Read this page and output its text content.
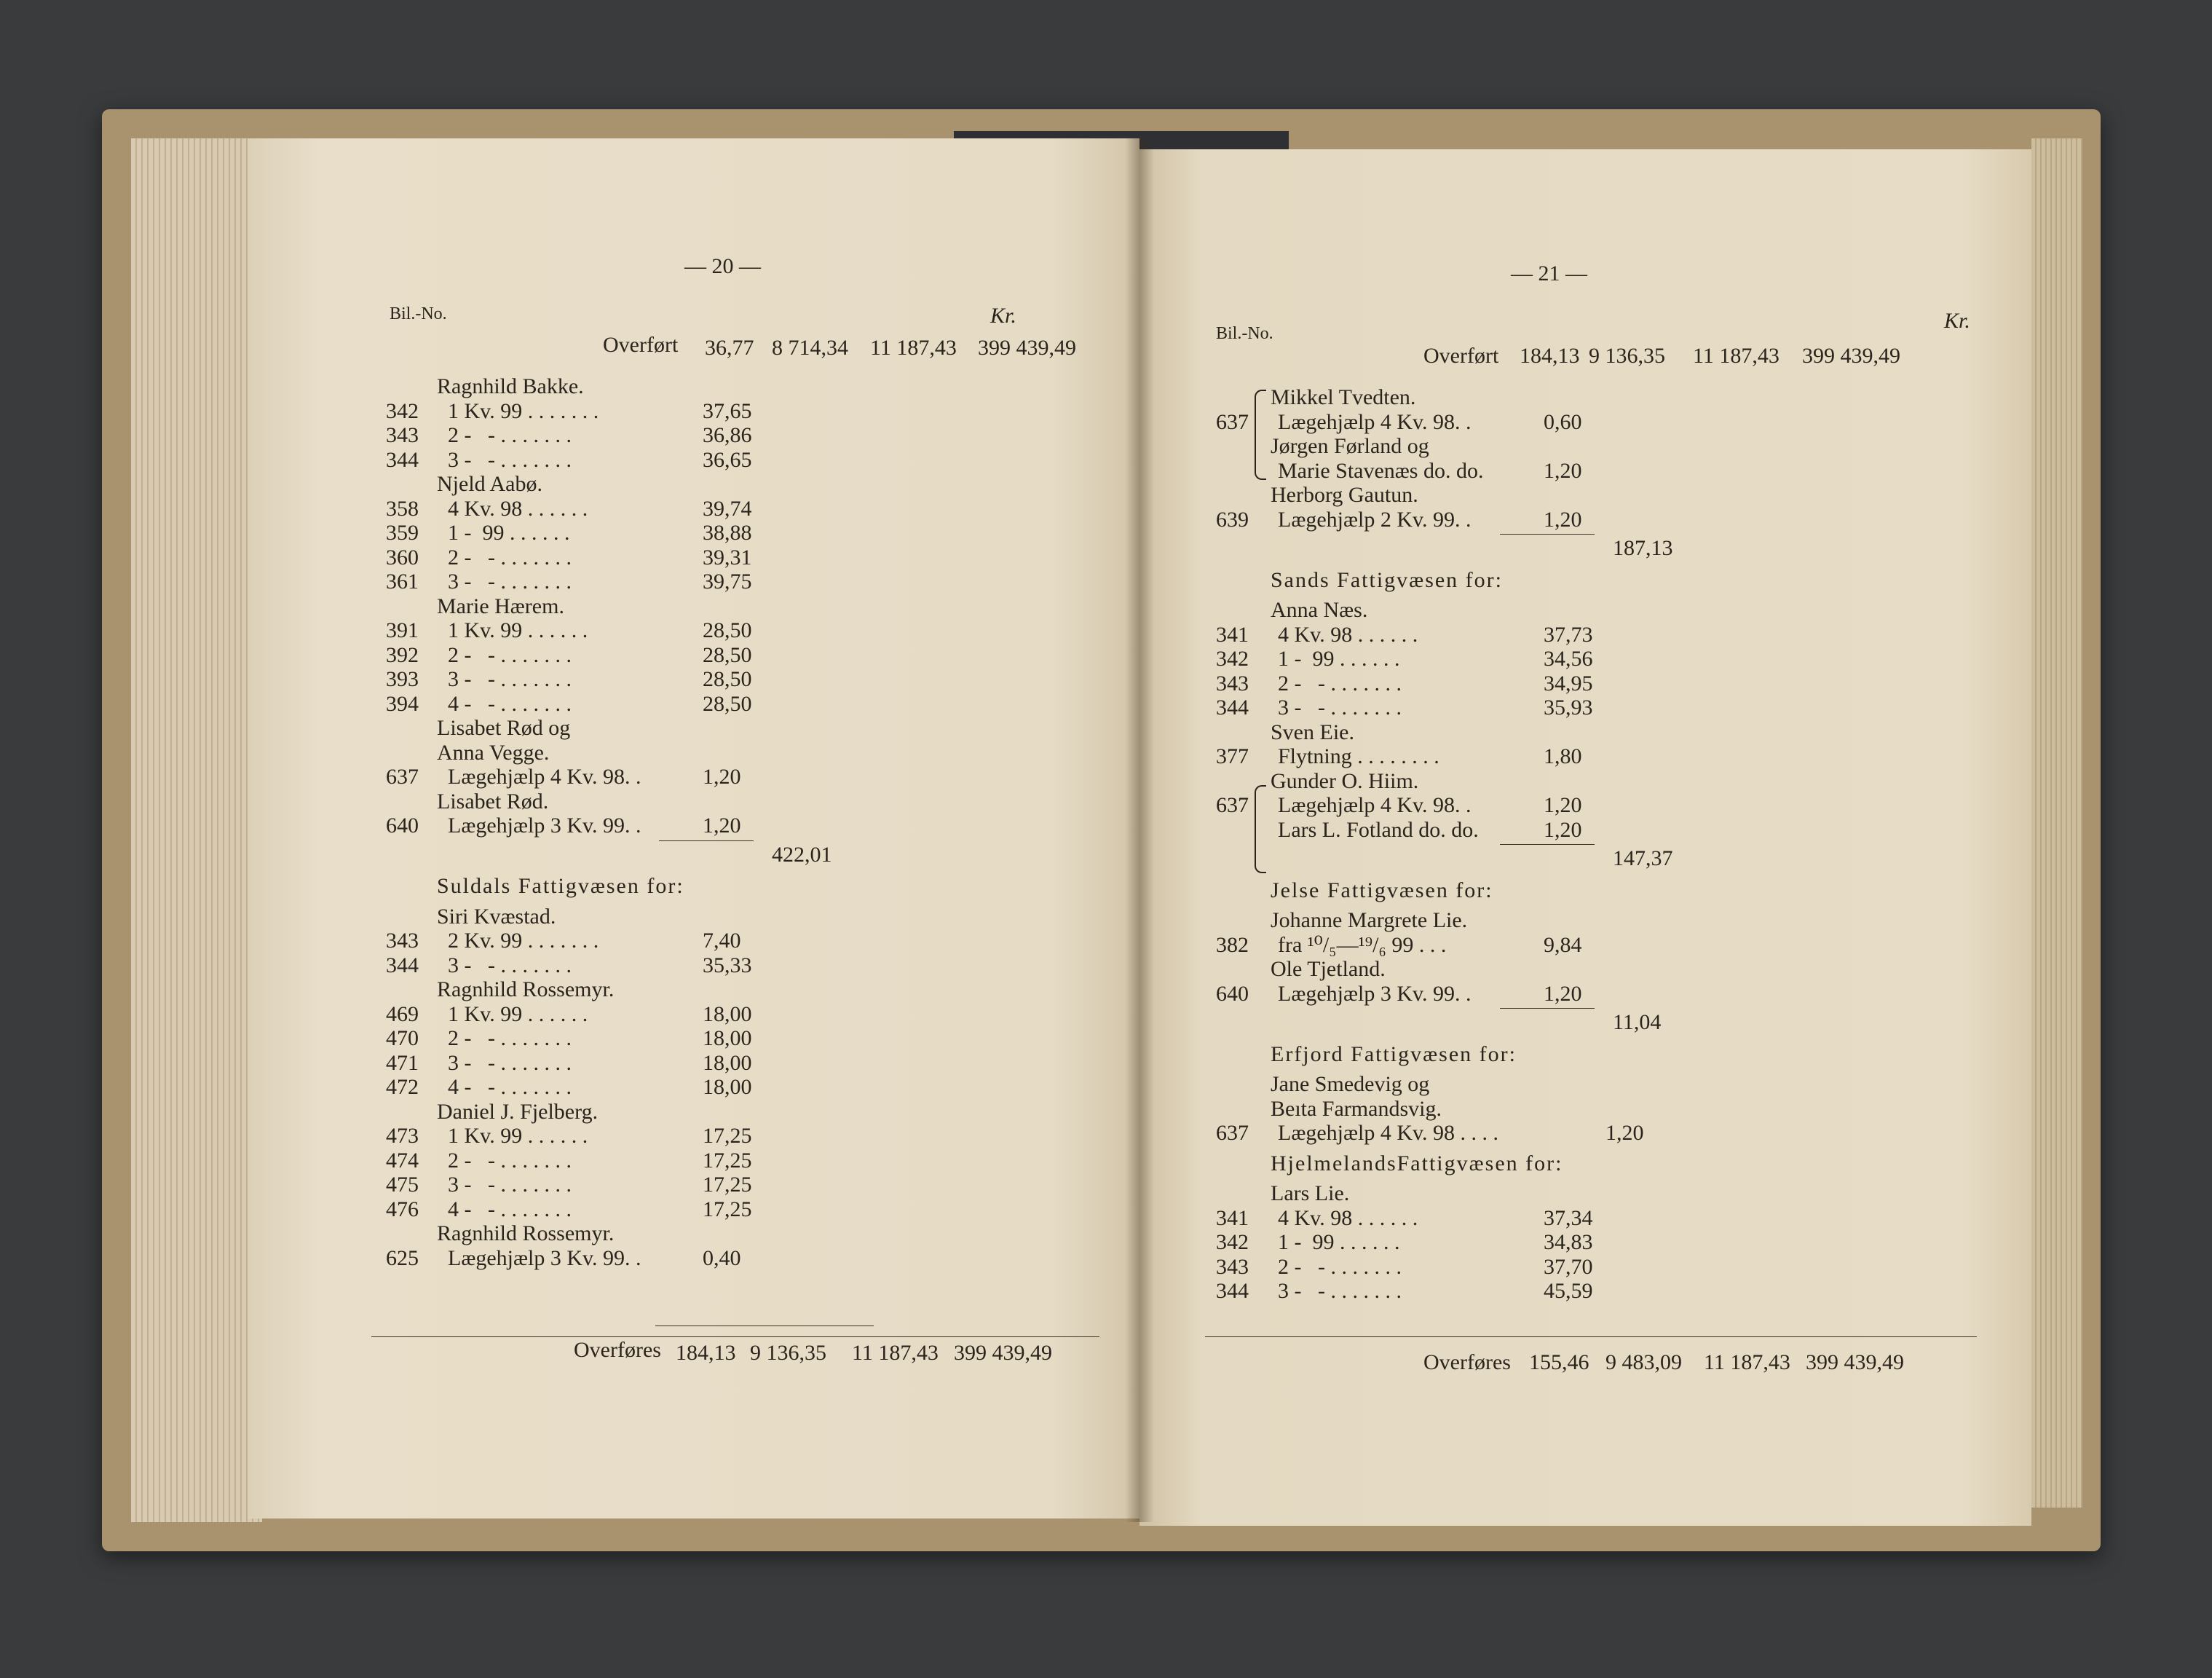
— 20 —
Bil.-No.	Kr.
Overført 36,77 8 714,34 11 187,43 399 439,49
Ragnhild Bakke.
342 1 Kv. 99 . . . . . . .	37,65
343 2 -   - . . . . . . .	36,86
344 3 -   - . . . . . . .	36,65
Njeld Aabø.
358 4 Kv. 98 . . . . . .	39,74
359 1 -  99 . . . . . .	38,88
360 2 -   - . . . . . . .	39,31
361 3 -   - . . . . . . .	39,75
Marie Hærem.
391 1 Kv. 99 . . . . . .	28,50
392 2 -   - . . . . . . .	28,50
393 3 -   - . . . . . . .	28,50
394 4 -   - . . . . . . .	28,50
Lisabet Rød og
Anna Vegge.
637 Lægehjælp 4 Kv. 98. .	1,20
Lisabet Rød.
640 Lægehjælp 3 Kv. 99. .	1,20
422,01
Suldals Fattigvæsen for:
Siri Kvæstad.
343 2 Kv. 99 . . . . . . .	7,40
344 3 -   - . . . . . . .	35,33
Ragnhild Rossemyr.
469 1 Kv. 99 . . . . . .	18,00
470 2 -   - . . . . . . .	18,00
471 3 -   - . . . . . . .	18,00
472 4 -   - . . . . . . .	18,00
Daniel J. Fjelberg.
473 1 Kv. 99 . . . . . .	17,25
474 2 -   - . . . . . . .	17,25
475 3 -   - . . . . . . .	17,25
476 4 -   - . . . . . . .	17,25
Ragnhild Rossemyr.
625 Lægehjælp 3 Kv. 99. .	0,40
Overføres 184,13 9 136,35 11 187,43 399 439,49
— 21 —
Bil.-No.
Kr.
Overført 184,13 9 136,35 11 187,43 399 439,49
Mikkel Tvedten.
637 Lægehjælp 4 Kv. 98. .	0,60
Jørgen Førland og
Marie Stavenæs do. do.	1,20
Herborg Gautun.
639 Lægehjælp 2 Kv. 99. .	1,20
187,13
Sands Fattigvæsen for:
Anna Næs.
341 4 Kv. 98 . . . . . .	37,73
342 1 -  99 . . . . . .	34,56
343 2 -   - . . . . . . .	34,95
344 3 -   - . . . . . . .	35,93
Sven Eie.
377 Flytning . . . . . . . .	1,80
Gunder O. Hiim.
637 Lægehjælp 4 Kv. 98. .	1,20
Lars L. Fotland do. do.	1,20
147,37
Jelse Fattigvæsen for:
Johanne Margrete Lie.
382 fra ¹⁰/₅—¹⁹/₆ 99 . . .	9,84
Ole Tjetland.
640 Lægehjælp 3 Kv. 99. .	1,20
11,04
Erfjord Fattigvæsen for:
Jane Smedevig og
Beıta Farmandsvig.
637 Lægehjælp 4 Kv. 98 . . . .	1,20
HjelmelandsFattigvæsen for:
Lars Lie.
341 4 Kv. 98 . . . . . .	37,34
342 1 -  99 . . . . . .	34,83
343 2 -   - . . . . . . .	37,70
344 3 -   - . . . . . . .	45,59
Overføres 155,46 9 483,09 11 187,43 399 439,49
